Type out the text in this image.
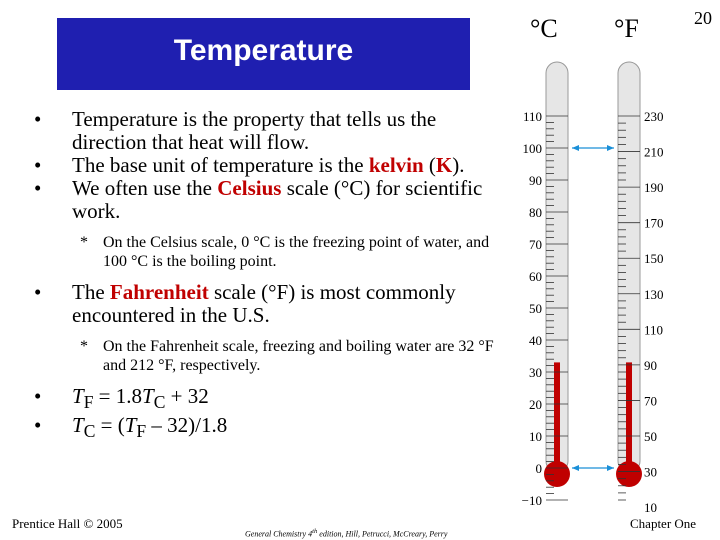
Temperature
20

• Temperature is the property that tells us the direction that heat will flow.

• The base unit of temperature is the kelvin (K).

• We often use the Celsius scale (°C) for scientific work.

* On the Celsius scale, 0 °C is the freezing point of water, and 100 °C is the boiling point.

• The Fahrenheit scale (°F) is most commonly encountered in the U.S.

* On the Fahrenheit scale, freezing and boiling water are 32 °F and 212 °F, respectively.

• $T_F = 1.8T_C + 32$

• $T_C = (T_F - 32)/1.8$

°C °F
110
100
90
80
70
60
50
40
30
20
10
0
−10
230
210
190
170
150
130
110
90
70
50
30
10
Prentice Hall © 2005
General Chemistry 4th edition, Hill, Petrucci, McCreary, Perry
Chapter One
